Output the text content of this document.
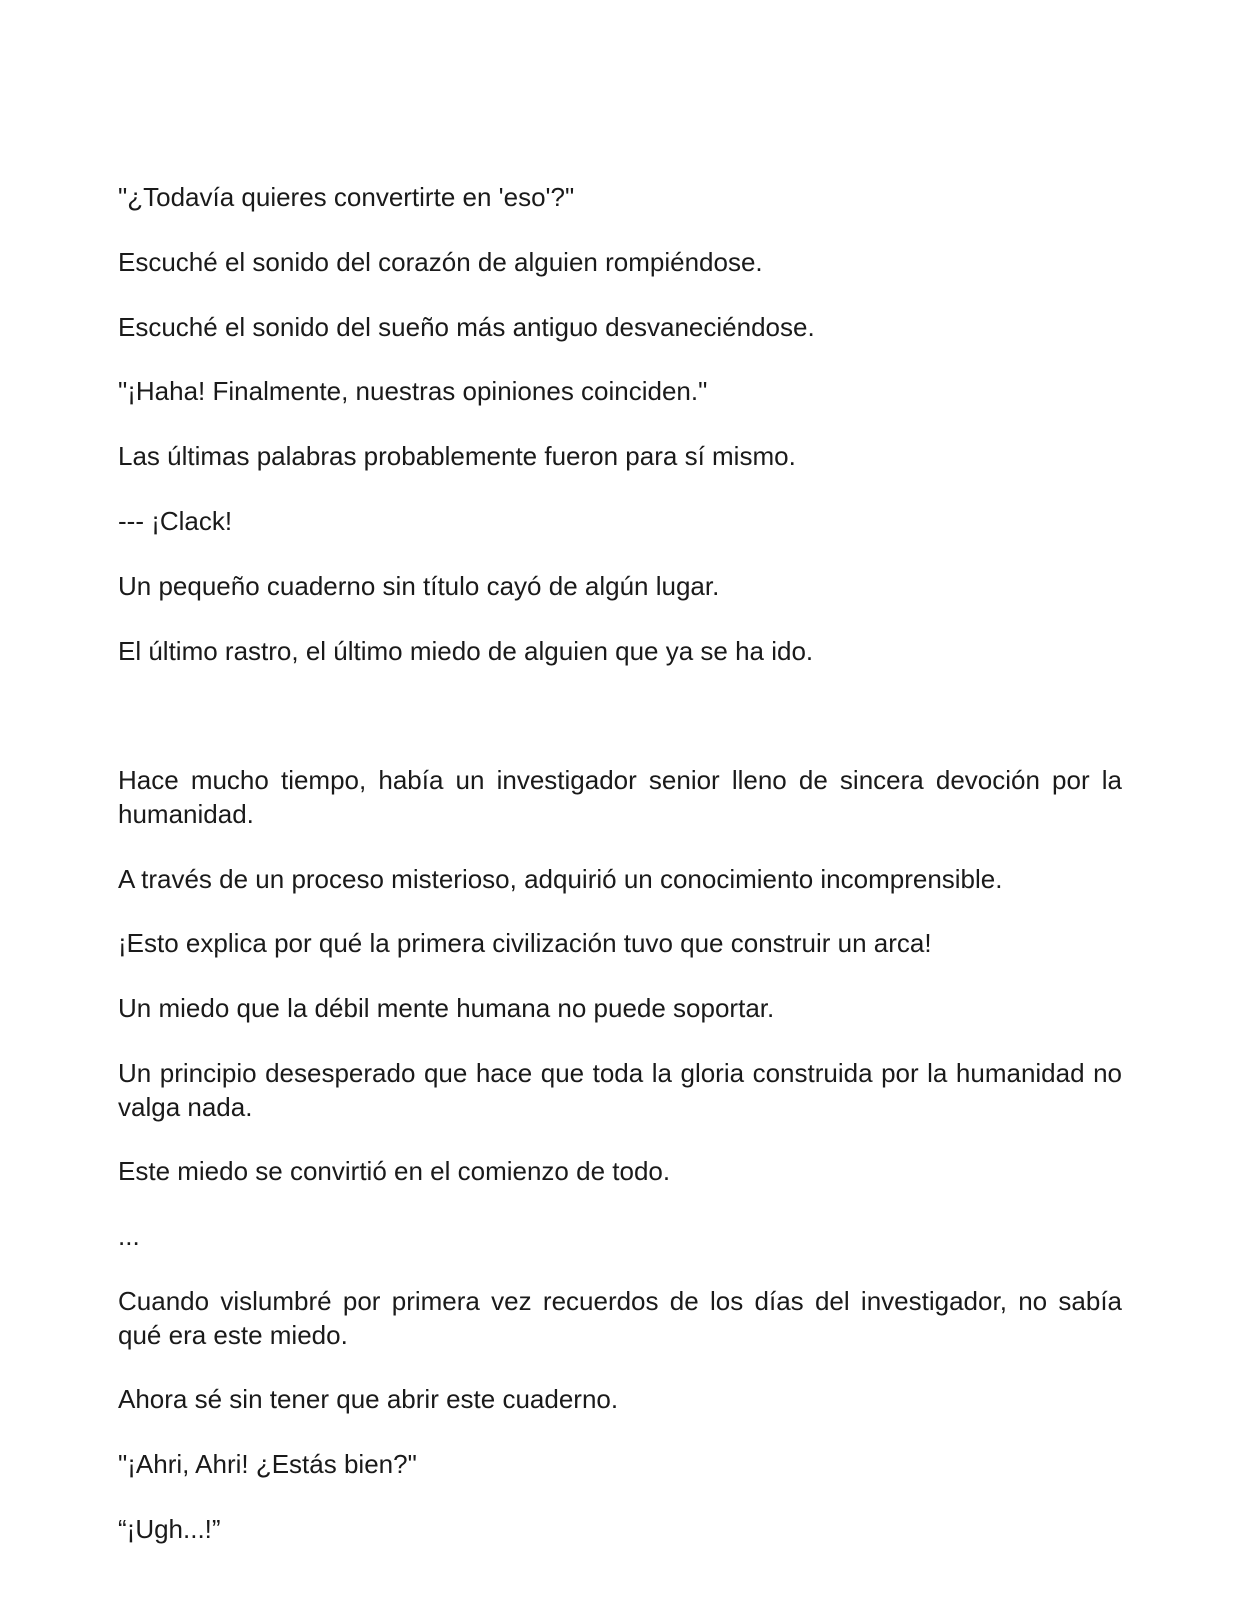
"¿Todavía quieres convertirte en 'eso'?"

Escuché el sonido del corazón de alguien rompiéndose.

Escuché el sonido del sueño más antiguo desvaneciéndose.

"¡Haha! Finalmente, nuestras opiniones coinciden."

Las últimas palabras probablemente fueron para sí mismo.

--- ¡Clack!

Un pequeño cuaderno sin título cayó de algún lugar.

El último rastro, el último miedo de alguien que ya se ha ido.

Hace mucho tiempo, había un investigador senior lleno de sincera devoción por la humanidad.

A través de un proceso misterioso, adquirió un conocimiento incomprensible.

¡Esto explica por qué la primera civilización tuvo que construir un arca!

Un miedo que la débil mente humana no puede soportar.

Un principio desesperado que hace que toda la gloria construida por la humanidad no valga nada.

Este miedo se convirtió en el comienzo de todo.

...

Cuando vislumbré por primera vez recuerdos de los días del investigador, no sabía qué era este miedo.

Ahora sé sin tener que abrir este cuaderno.

"¡Ahri, Ahri! ¿Estás bien?"

“¡Ugh...!”
